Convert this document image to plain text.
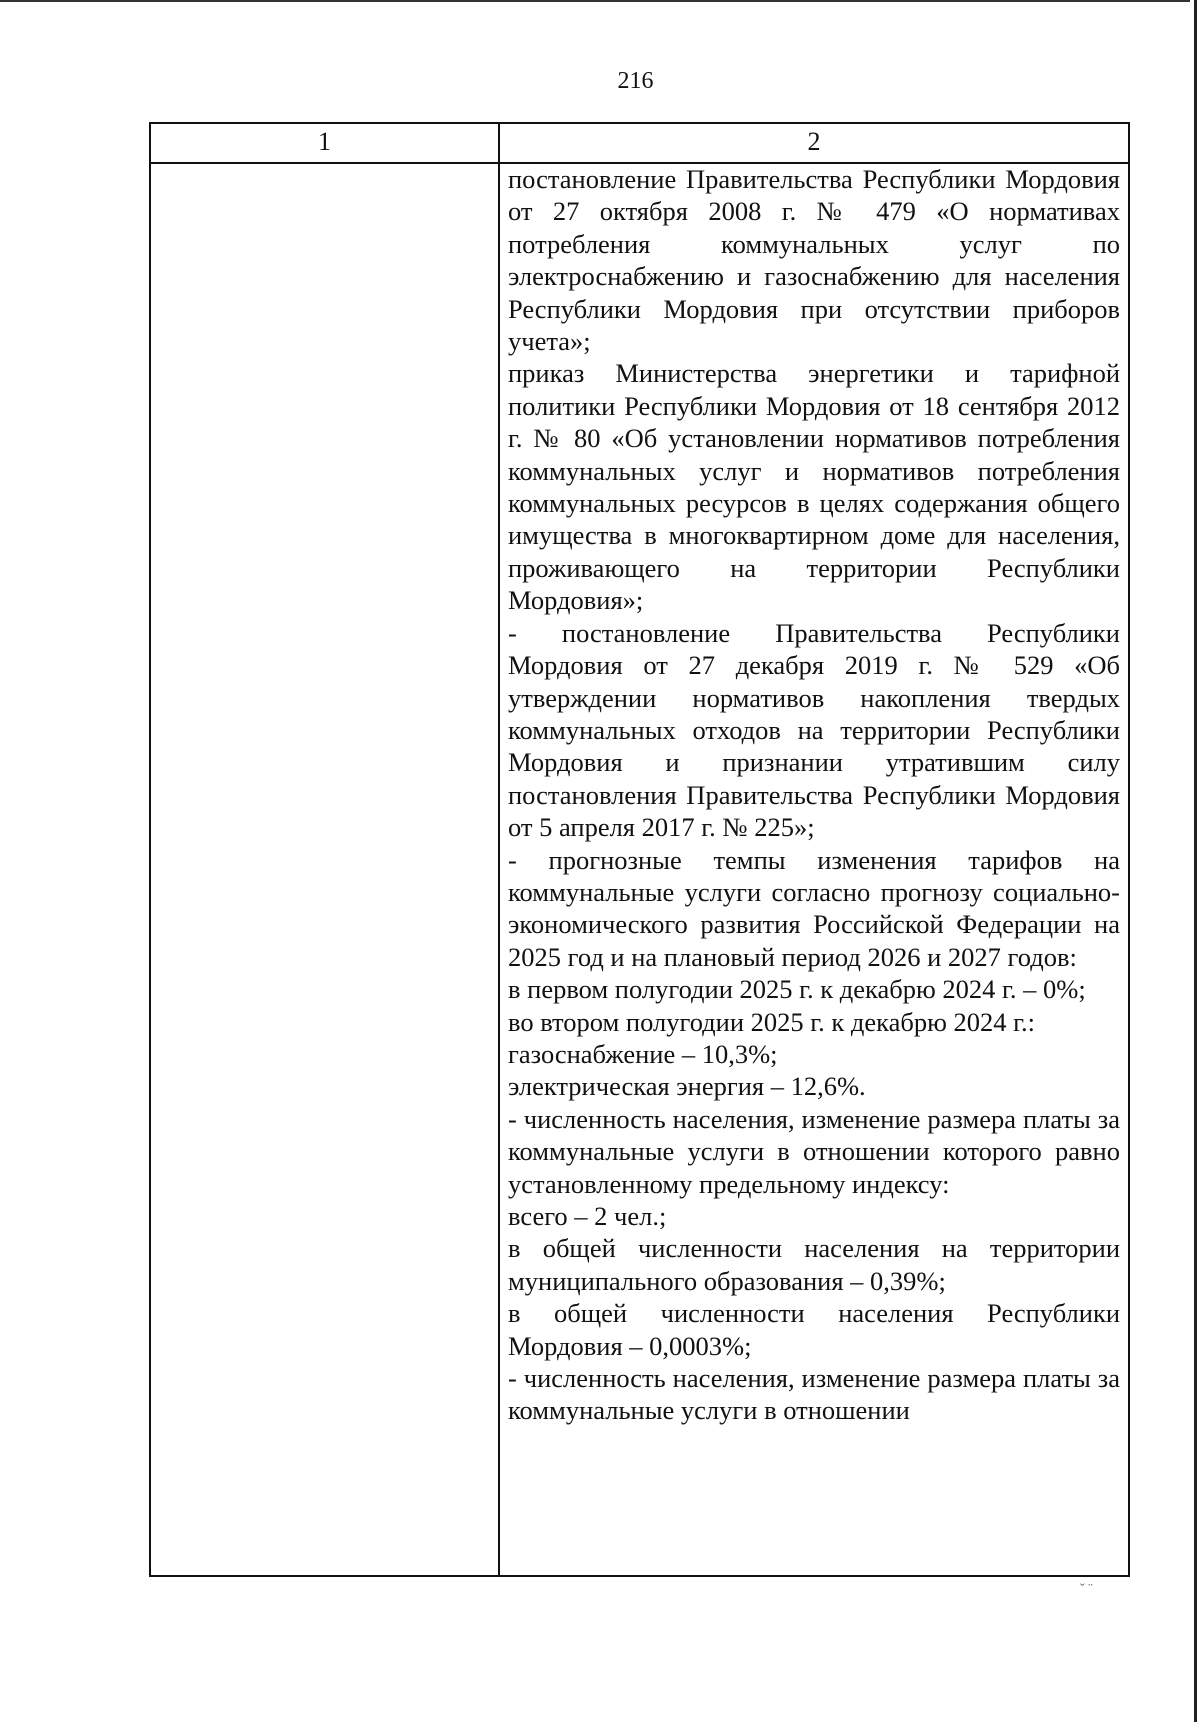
216
1	2

постановление Правительства Республики Мордовия от 27 октября 2008 г. № 479 «О нормативах потребления коммунальных услуг по электроснабжению и газоснабжению для населения Республики Мордовия при отсутствии приборов учета»;

приказ Министерства энергетики и тарифной политики Республики Мордовия от 18 сентября 2012 г. № 80 «Об установлении нормативов потребления коммунальных услуг и нормативов потребления коммунальных ресурсов в целях содержания общего имущества в многоквартирном доме для населения, проживающего на территории Республики Мордовия»;

- постановление Правительства Республики Мордовия от 27 декабря 2019 г. № 529 «Об утверждении нормативов накопления твердых коммунальных отходов на территории Республики Мордовия и признании утратившим силу постановления Правительства Республики Мордовия от 5 апреля 2017 г. № 225»;

- прогнозные темпы изменения тарифов на коммунальные услуги согласно прогнозу социально-экономического развития Российской Федерации на 2025 год и на плановый период 2026 и 2027 годов:

в первом полугодии 2025 г. к декабрю 2024 г. – 0%;

во втором полугодии 2025 г. к декабрю 2024 г.:

газоснабжение – 10,3%;

электрическая энергия – 12,6%.

- численность населения, изменение размера платы за коммунальные услуги в отношении которого равно установленному предельному индексу:

всего – 2 чел.;

в общей численности населения на территории муниципального образования – 0,39%;

в общей численности населения Республики Мордовия – 0,0003%;

- численность населения, изменение размера платы за коммунальные услуги в отношении

ˇ ¨
